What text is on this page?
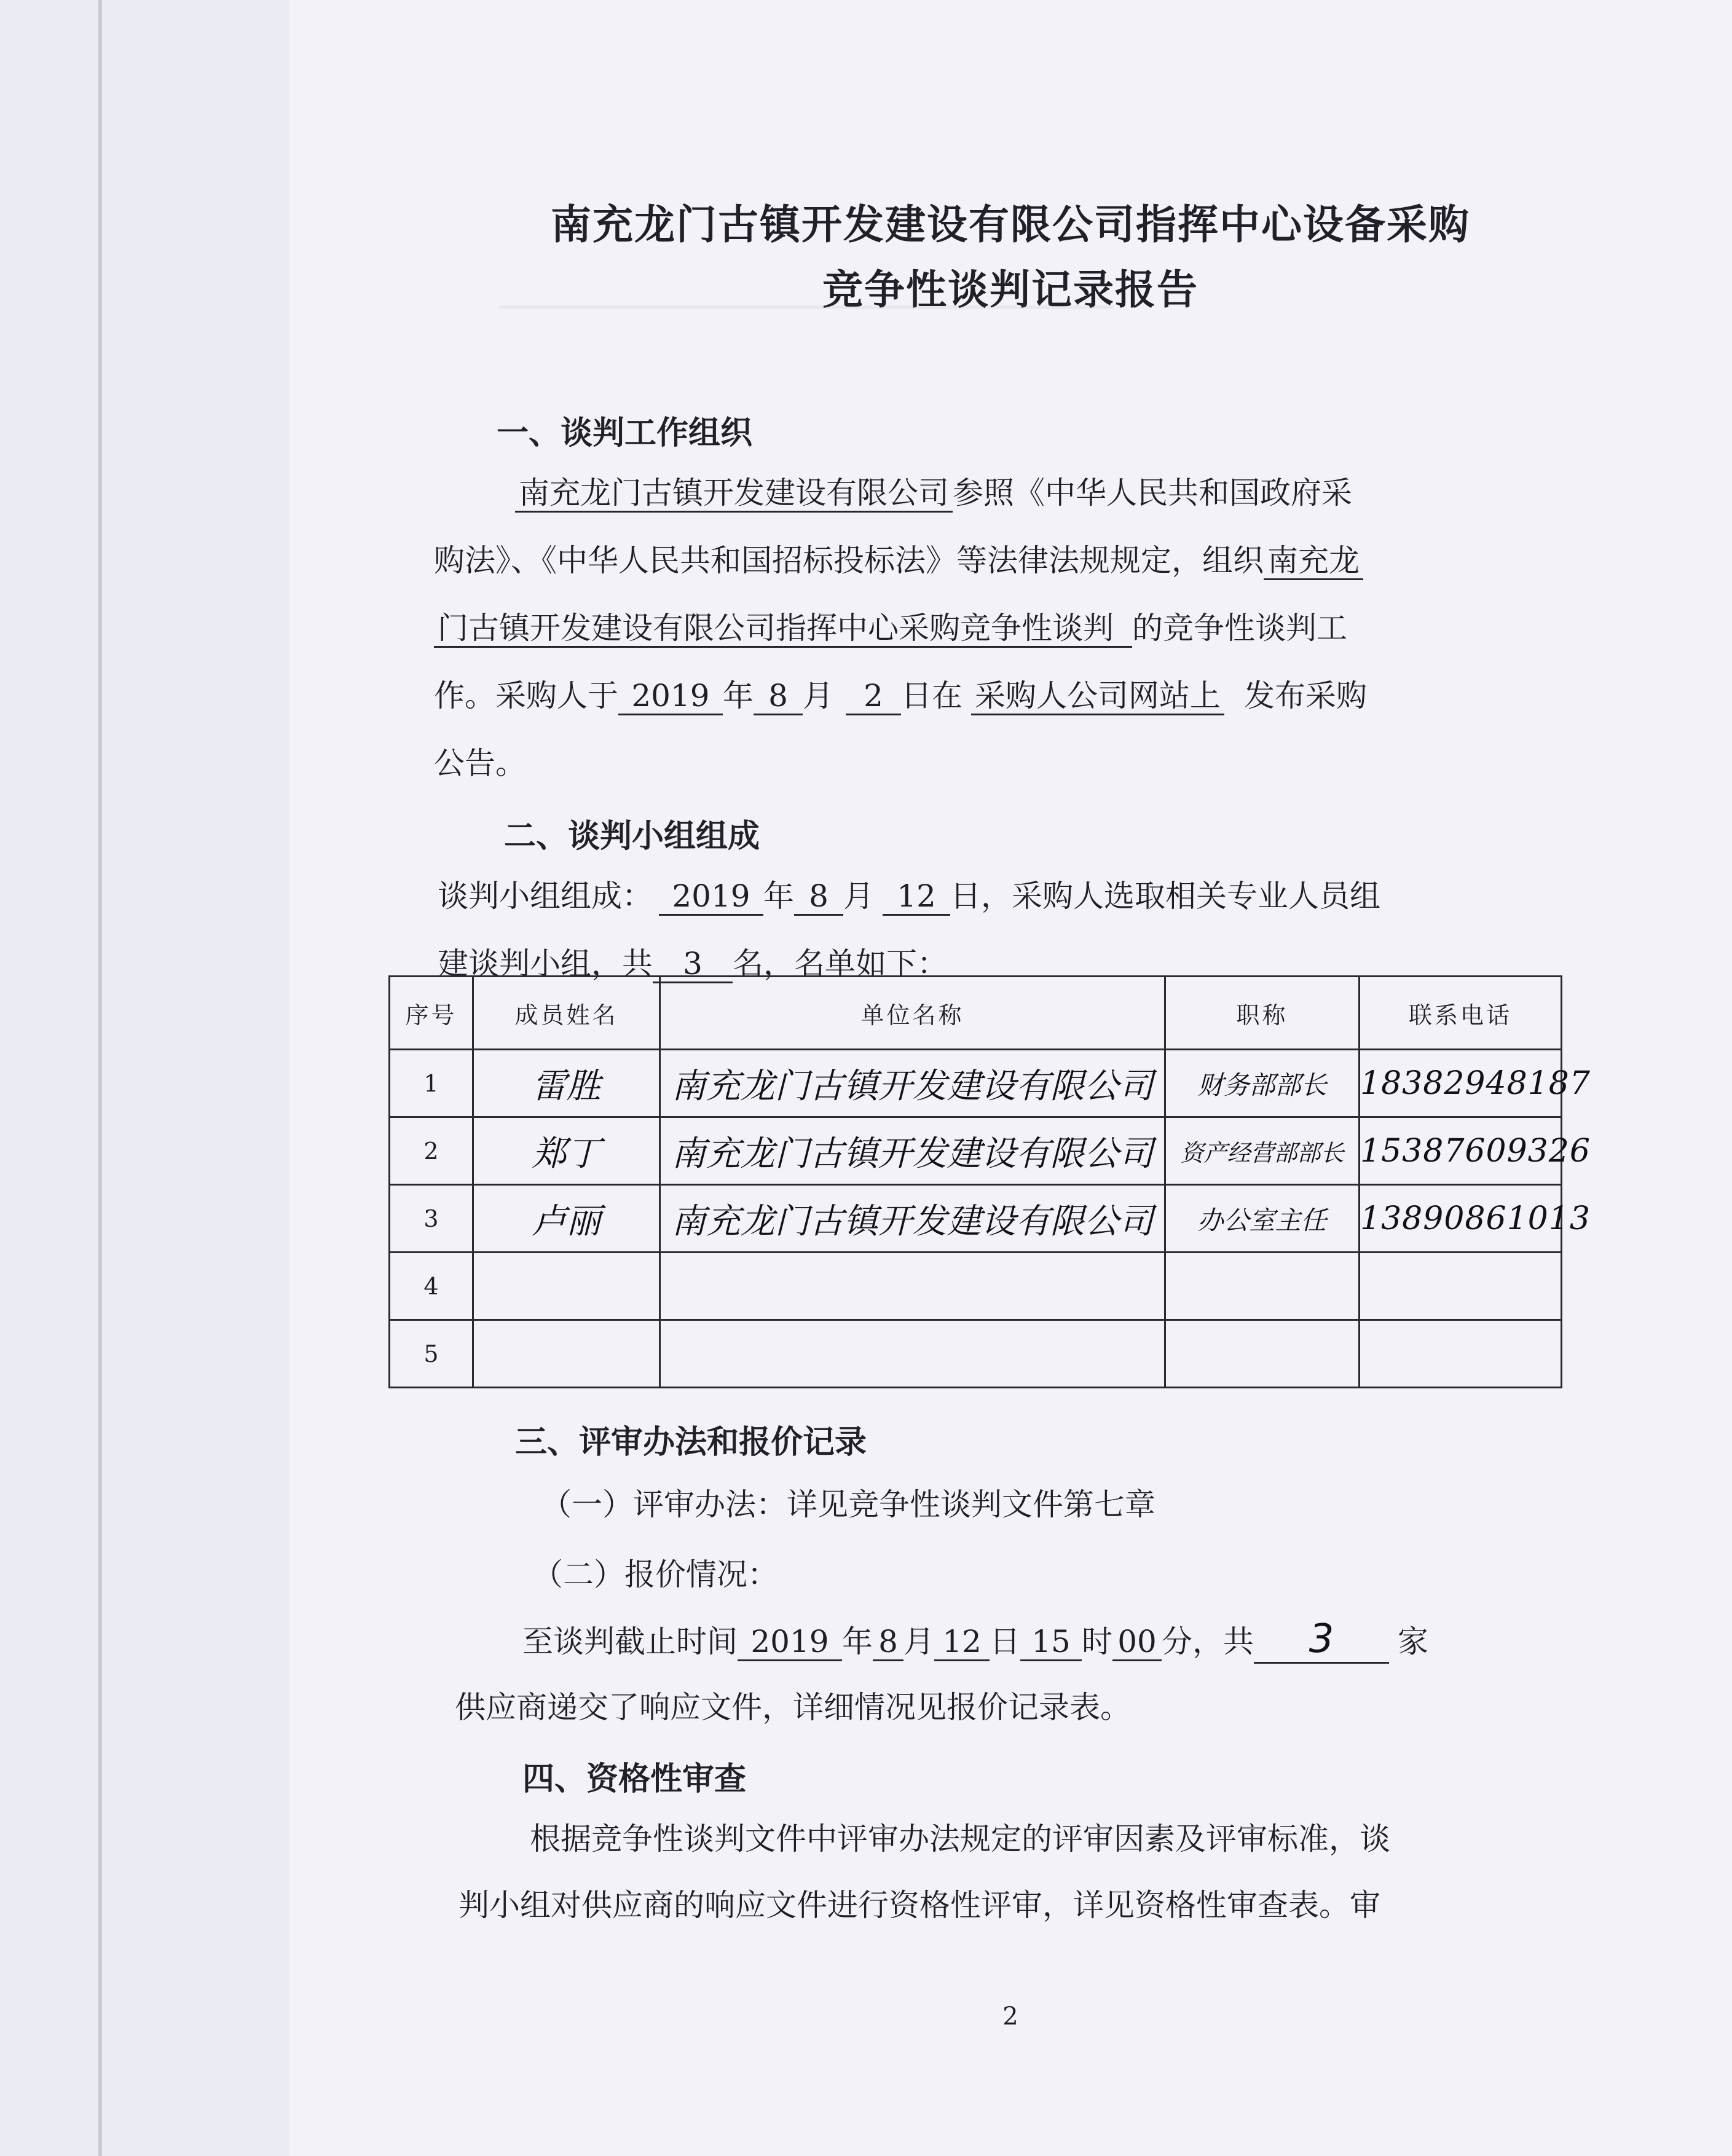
南充龙门古镇开发建设有限公司指挥中心设备采购
竞争性谈判记录报告
一、谈判工作组织
南充龙门古镇开发建设有限公司 参照《中华人民共和国政府采
购法》、《中华人民共和国招标投标法》等法律法规规定，组织 南充龙
门古镇开发建设有限公司指挥中心采购竞争性谈判 的竞争性谈判工
作。采购人于 2019 年 8 月 2 日在 采购人公司网站上 发布采购
公告。
二、谈判小组组成
谈判小组组成： 2019 年 8 月 12 日，采购人选取相关专业人员组
建谈判小组，共 3 名，名单如下：
序号	成员姓名	单位名称	职称	联系电话
1	雷胜	南充龙门古镇开发建设有限公司	财务部部长	18382948187
2	郑丁	南充龙门古镇开发建设有限公司	资产经营部部长	15387609326
3	卢丽	南充龙门古镇开发建设有限公司	办公室主任	13890861013
4				
5				
三、评审办法和报价记录
（一）评审办法：详见竞争性谈判文件第七章
（二）报价情况：
至谈判截止时间 2019 年 8 月 12 日 15 时 00 分，共 3 家
供应商递交了响应文件，详细情况见报价记录表。
四、资格性审查
根据竞争性谈判文件中评审办法规定的评审因素及评审标准，谈
判小组对供应商的响应文件进行资格性评审，详见资格性审查表。审
2
